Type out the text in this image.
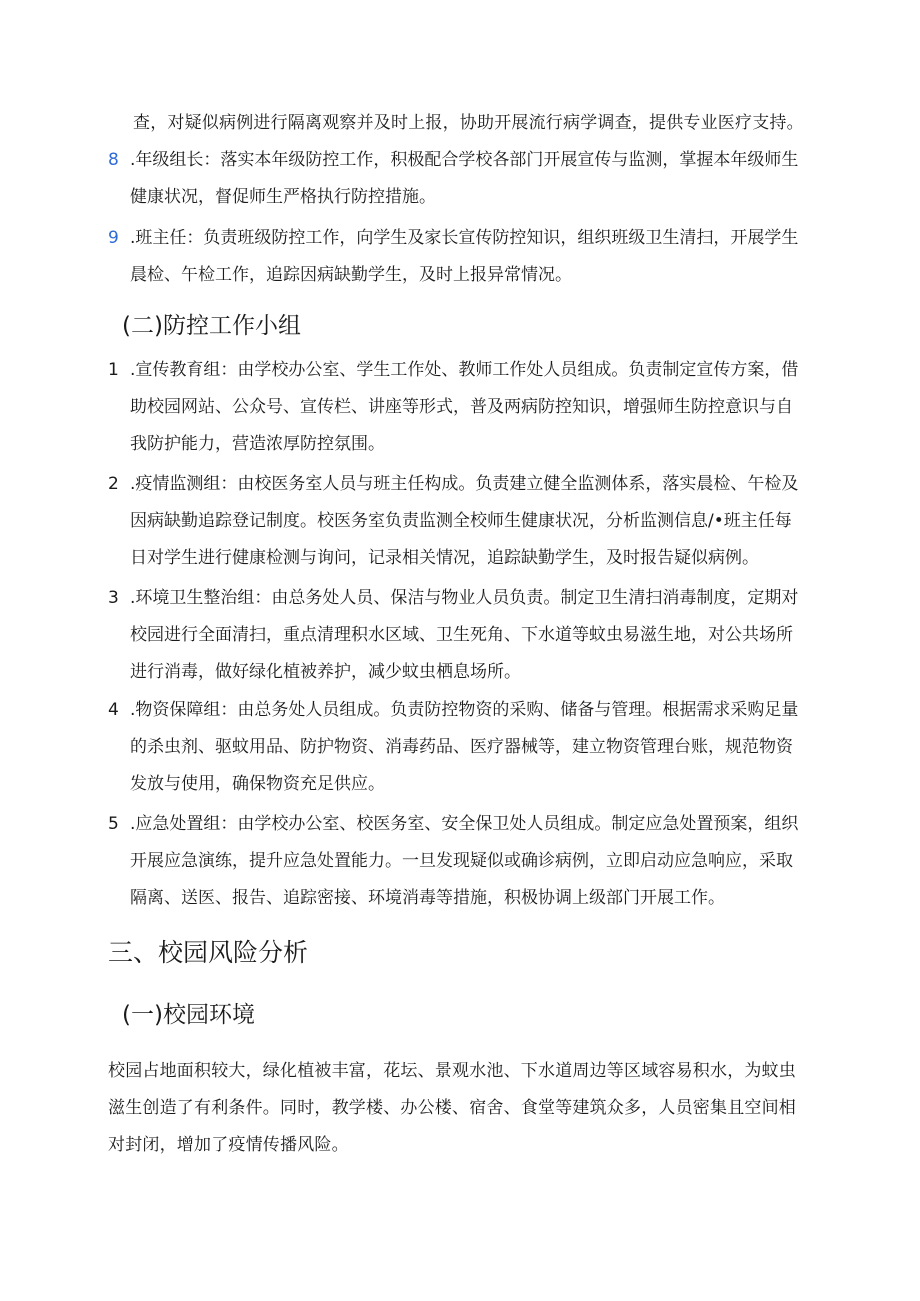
查，对疑似病例进行隔离观察并及时上报，协助开展流行病学调查，提供专业医疗支持。

8 .年级组长：落实本年级防控工作，积极配合学校各部门开展宣传与监测，掌握本年级师生健康状况，督促师生严格执行防控措施。
9 .班主任：负责班级防控工作，向学生及家长宣传防控知识，组织班级卫生清扫，开展学生晨检、午检工作，追踪因病缺勤学生，及时上报异常情况。
(二)防控工作小组
1 .宣传教育组：由学校办公室、学生工作处、教师工作处人员组成。负责制定宣传方案，借助校园网站、公众号、宣传栏、讲座等形式，普及两病防控知识，增强师生防控意识与自我防护能力，营造浓厚防控氛围。
2 .疫情监测组：由校医务室人员与班主任构成。负责建立健全监测体系，落实晨检、午检及因病缺勤追踪登记制度。校医务室负责监测全校师生健康状况，分析监测信息/•班主任每日对学生进行健康检测与询问，记录相关情况，追踪缺勤学生，及时报告疑似病例。
3 .环境卫生整治组：由总务处人员、保洁与物业人员负责。制定卫生清扫消毒制度，定期对校园进行全面清扫，重点清理积水区域、卫生死角、下水道等蚊虫易滋生地，对公共场所进行消毒，做好绿化植被养护，减少蚊虫栖息场所。
4 .物资保障组：由总务处人员组成。负责防控物资的采购、储备与管理。根据需求采购足量的杀虫剂、驱蚊用品、防护物资、消毒药品、医疗器械等，建立物资管理台账，规范物资发放与使用，确保物资充足供应。
5 .应急处置组：由学校办公室、校医务室、安全保卫处人员组成。制定应急处置预案，组织开展应急演练，提升应急处置能力。一旦发现疑似或确诊病例，立即启动应急响应，采取隔离、送医、报告、追踪密接、环境消毒等措施，积极协调上级部门开展工作。
三、校园风险分析
(一)校园环境

校园占地面积较大，绿化植被丰富，花坛、景观水池、下水道周边等区域容易积水，为蚊虫滋生创造了有利条件。同时，教学楼、办公楼、宿舍、食堂等建筑众多，人员密集且空间相对封闭，增加了疫情传播风险。
